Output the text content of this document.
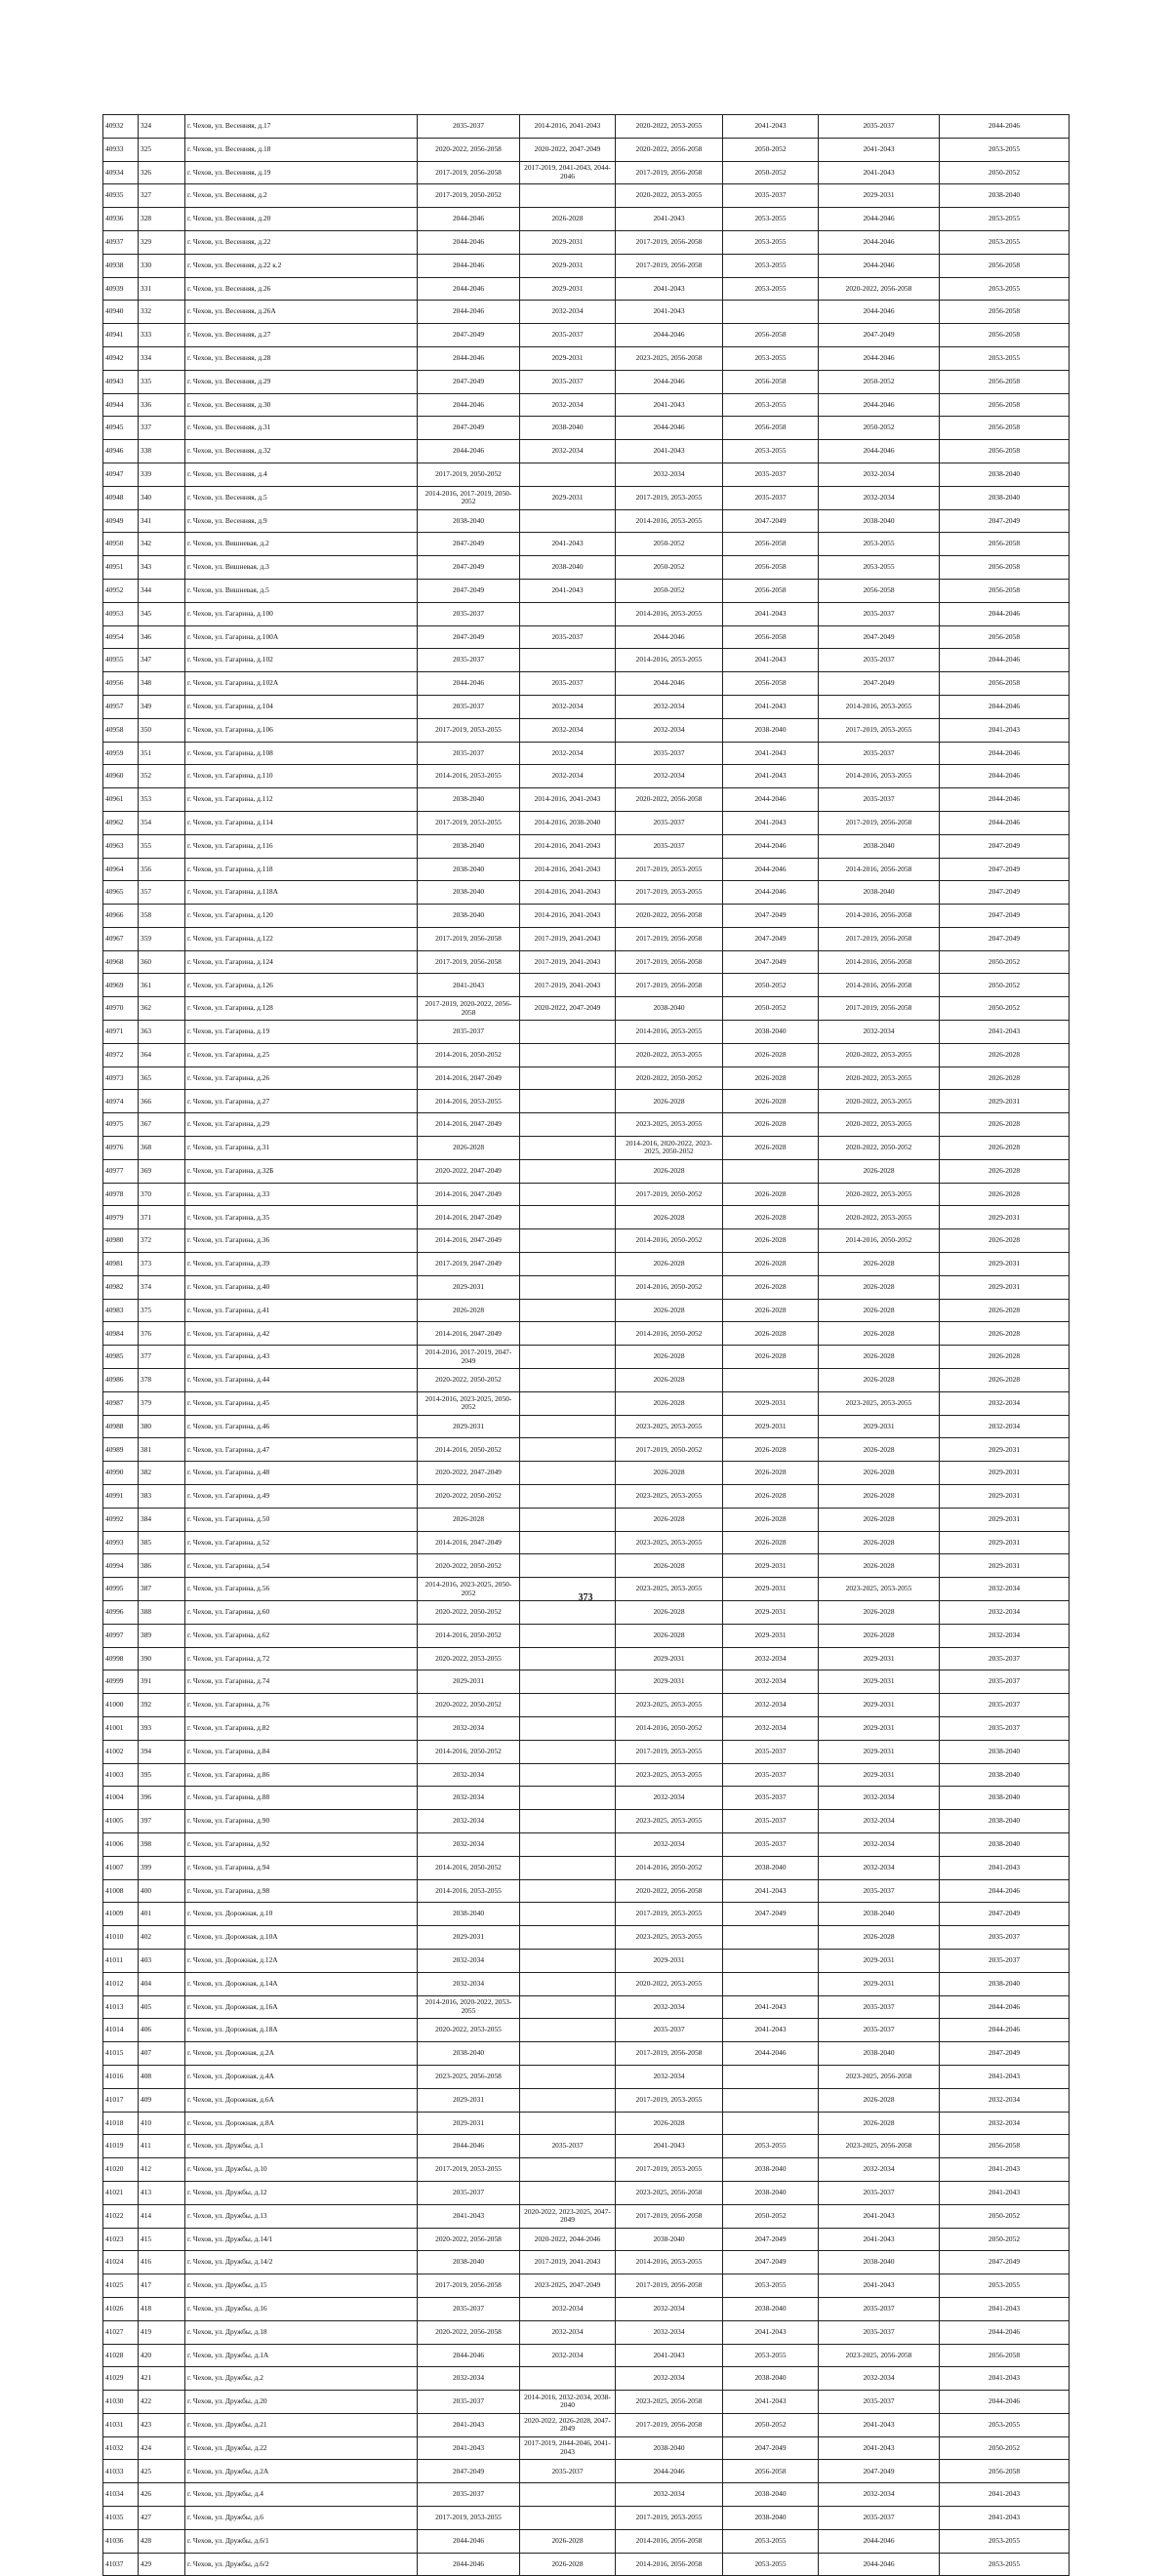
40932	324	г. Чехов, ул. Весенняя, д.17	2035-2037	2014-2016, 2041-2043	2020-2022, 2053-2055	2041-2043	2035-2037	2044-2046
40933	325	г. Чехов, ул. Весенняя, д.18	2020-2022, 2056-2058	2020-2022, 2047-2049	2020-2022, 2056-2058	2050-2052	2041-2043	2053-2055
40934	326	г. Чехов, ул. Весенняя, д.19	2017-2019, 2056-2058	2017-2019, 2041-2043, 2044-2046	2017-2019, 2056-2058	2050-2052	2041-2043	2050-2052
40935	327	г. Чехов, ул. Весенняя, д.2	2017-2019, 2050-2052		2020-2022, 2053-2055	2035-2037	2029-2031	2038-2040
40936	328	г. Чехов, ул. Весенняя, д.20	2044-2046	2026-2028	2041-2043	2053-2055	2044-2046	2053-2055
40937	329	г. Чехов, ул. Весенняя, д.22	2044-2046	2029-2031	2017-2019, 2056-2058	2053-2055	2044-2046	2053-2055
40938	330	г. Чехов, ул. Весенняя, д.22 к.2	2044-2046	2029-2031	2017-2019, 2056-2058	2053-2055	2044-2046	2056-2058
40939	331	г. Чехов, ул. Весенняя, д.26	2044-2046	2029-2031	2041-2043	2053-2055	2020-2022, 2056-2058	2053-2055
40940	332	г. Чехов, ул. Весенняя, д.26А	2044-2046	2032-2034	2041-2043		2044-2046	2056-2058
40941	333	г. Чехов, ул. Весенняя, д.27	2047-2049	2035-2037	2044-2046	2056-2058	2047-2049	2056-2058
40942	334	г. Чехов, ул. Весенняя, д.28	2044-2046	2029-2031	2023-2025, 2056-2058	2053-2055	2044-2046	2053-2055
40943	335	г. Чехов, ул. Весенняя, д.29	2047-2049	2035-2037	2044-2046	2056-2058	2050-2052	2056-2058
40944	336	г. Чехов, ул. Весенняя, д.30	2044-2046	2032-2034	2041-2043	2053-2055	2044-2046	2056-2058
40945	337	г. Чехов, ул. Весенняя, д.31	2047-2049	2038-2040	2044-2046	2056-2058	2050-2052	2056-2058
40946	338	г. Чехов, ул. Весенняя, д.32	2044-2046	2032-2034	2041-2043	2053-2055	2044-2046	2056-2058
40947	339	г. Чехов, ул. Весенняя, д.4	2017-2019, 2050-2052		2032-2034	2035-2037	2032-2034	2038-2040
40948	340	г. Чехов, ул. Весенняя, д.5	2014-2016, 2017-2019, 2050-2052	2029-2031	2017-2019, 2053-2055	2035-2037	2032-2034	2038-2040
40949	341	г. Чехов, ул. Весенняя, д.9	2038-2040		2014-2016, 2053-2055	2047-2049	2038-2040	2047-2049
40950	342	г. Чехов, ул. Вишневая, д.2	2047-2049	2041-2043	2050-2052	2056-2058	2053-2055	2056-2058
40951	343	г. Чехов, ул. Вишневая, д.3	2047-2049	2038-2040	2050-2052	2056-2058	2053-2055	2056-2058
40952	344	г. Чехов, ул. Вишневая, д.5	2047-2049	2041-2043	2050-2052	2056-2058	2056-2058	2056-2058
40953	345	г. Чехов, ул. Гагарина, д.100	2035-2037		2014-2016, 2053-2055	2041-2043	2035-2037	2044-2046
40954	346	г. Чехов, ул. Гагарина, д.100А	2047-2049	2035-2037	2044-2046	2056-2058	2047-2049	2056-2058
40955	347	г. Чехов, ул. Гагарина, д.102	2035-2037		2014-2016, 2053-2055	2041-2043	2035-2037	2044-2046
40956	348	г. Чехов, ул. Гагарина, д.102А	2044-2046	2035-2037	2044-2046	2056-2058	2047-2049	2056-2058
40957	349	г. Чехов, ул. Гагарина, д.104	2035-2037	2032-2034	2032-2034	2041-2043	2014-2016, 2053-2055	2044-2046
40958	350	г. Чехов, ул. Гагарина, д.106	2017-2019, 2053-2055	2032-2034	2032-2034	2038-2040	2017-2019, 2053-2055	2041-2043
40959	351	г. Чехов, ул. Гагарина, д.108	2035-2037	2032-2034	2035-2037	2041-2043	2035-2037	2044-2046
40960	352	г. Чехов, ул. Гагарина, д.110	2014-2016, 2053-2055	2032-2034	2032-2034	2041-2043	2014-2016, 2053-2055	2044-2046
40961	353	г. Чехов, ул. Гагарина, д.112	2038-2040	2014-2016, 2041-2043	2020-2022, 2056-2058	2044-2046	2035-2037	2044-2046
40962	354	г. Чехов, ул. Гагарина, д.114	2017-2019, 2053-2055	2014-2016, 2038-2040	2035-2037	2041-2043	2017-2019, 2056-2058	2044-2046
40963	355	г. Чехов, ул. Гагарина, д.116	2038-2040	2014-2016, 2041-2043	2035-2037	2044-2046	2038-2040	2047-2049
40964	356	г. Чехов, ул. Гагарина, д.118	2038-2040	2014-2016, 2041-2043	2017-2019, 2053-2055	2044-2046	2014-2016, 2056-2058	2047-2049
40965	357	г. Чехов, ул. Гагарина, д.118А	2038-2040	2014-2016, 2041-2043	2017-2019, 2053-2055	2044-2046	2038-2040	2047-2049
40966	358	г. Чехов, ул. Гагарина, д.120	2038-2040	2014-2016, 2041-2043	2020-2022, 2056-2058	2047-2049	2014-2016, 2056-2058	2047-2049
40967	359	г. Чехов, ул. Гагарина, д.122	2017-2019, 2056-2058	2017-2019, 2041-2043	2017-2019, 2056-2058	2047-2049	2017-2019, 2056-2058	2047-2049
40968	360	г. Чехов, ул. Гагарина, д.124	2017-2019, 2056-2058	2017-2019, 2041-2043	2017-2019, 2056-2058	2047-2049	2014-2016, 2056-2058	2050-2052
40969	361	г. Чехов, ул. Гагарина, д.126	2041-2043	2017-2019, 2041-2043	2017-2019, 2056-2058	2050-2052	2014-2016, 2056-2058	2050-2052
40970	362	г. Чехов, ул. Гагарина, д.128	2017-2019, 2020-2022, 2056-2058	2020-2022, 2047-2049	2038-2040	2050-2052	2017-2019, 2056-2058	2050-2052
40971	363	г. Чехов, ул. Гагарина, д.19	2035-2037		2014-2016, 2053-2055	2038-2040	2032-2034	2041-2043
40972	364	г. Чехов, ул. Гагарина, д.25	2014-2016, 2050-2052		2020-2022, 2053-2055	2026-2028	2020-2022, 2053-2055	2026-2028
40973	365	г. Чехов, ул. Гагарина, д.26	2014-2016, 2047-2049		2020-2022, 2050-2052	2026-2028	2020-2022, 2053-2055	2026-2028
40974	366	г. Чехов, ул. Гагарина, д.27	2014-2016, 2053-2055		2026-2028	2026-2028	2020-2022, 2053-2055	2029-2031
40975	367	г. Чехов, ул. Гагарина, д.29	2014-2016, 2047-2049		2023-2025, 2053-2055	2026-2028	2020-2022, 2053-2055	2026-2028
40976	368	г. Чехов, ул. Гагарина, д.31	2026-2028		2014-2016, 2020-2022, 2023-2025, 2050-2052	2026-2028	2020-2022, 2050-2052	2026-2028
40977	369	г. Чехов, ул. Гагарина, д.32Б	2020-2022, 2047-2049		2026-2028		2026-2028	2026-2028
40978	370	г. Чехов, ул. Гагарина, д.33	2014-2016, 2047-2049		2017-2019, 2050-2052	2026-2028	2020-2022, 2053-2055	2026-2028
40979	371	г. Чехов, ул. Гагарина, д.35	2014-2016, 2047-2049		2026-2028	2026-2028	2020-2022, 2053-2055	2029-2031
40980	372	г. Чехов, ул. Гагарина, д.36	2014-2016, 2047-2049		2014-2016, 2050-2052	2026-2028	2014-2016, 2050-2052	2026-2028
40981	373	г. Чехов, ул. Гагарина, д.39	2017-2019, 2047-2049		2026-2028	2026-2028	2026-2028	2029-2031
40982	374	г. Чехов, ул. Гагарина, д.40	2029-2031		2014-2016, 2050-2052	2026-2028	2026-2028	2029-2031
40983	375	г. Чехов, ул. Гагарина, д.41	2026-2028		2026-2028	2026-2028	2026-2028	2026-2028
40984	376	г. Чехов, ул. Гагарина, д.42	2014-2016, 2047-2049		2014-2016, 2050-2052	2026-2028	2026-2028	2026-2028
40985	377	г. Чехов, ул. Гагарина, д.43	2014-2016, 2017-2019, 2047-2049		2026-2028	2026-2028	2026-2028	2026-2028
40986	378	г. Чехов, ул. Гагарина, д.44	2020-2022, 2050-2052		2026-2028		2026-2028	2026-2028
40987	379	г. Чехов, ул. Гагарина, д.45	2014-2016, 2023-2025, 2050-2052		2026-2028	2029-2031	2023-2025, 2053-2055	2032-2034
40988	380	г. Чехов, ул. Гагарина, д.46	2029-2031		2023-2025, 2053-2055	2029-2031	2029-2031	2032-2034
40989	381	г. Чехов, ул. Гагарина, д.47	2014-2016, 2050-2052		2017-2019, 2050-2052	2026-2028	2026-2028	2029-2031
40990	382	г. Чехов, ул. Гагарина, д.48	2020-2022, 2047-2049		2026-2028	2026-2028	2026-2028	2029-2031
40991	383	г. Чехов, ул. Гагарина, д.49	2020-2022, 2050-2052		2023-2025, 2053-2055	2026-2028	2026-2028	2029-2031
40992	384	г. Чехов, ул. Гагарина, д.50	2026-2028		2026-2028	2026-2028	2026-2028	2029-2031
40993	385	г. Чехов, ул. Гагарина, д.52	2014-2016, 2047-2049		2023-2025, 2053-2055	2026-2028	2026-2028	2029-2031
40994	386	г. Чехов, ул. Гагарина, д.54	2020-2022, 2050-2052		2026-2028	2029-2031	2026-2028	2029-2031
40995	387	г. Чехов, ул. Гагарина, д.56	2014-2016, 2023-2025, 2050-2052		2023-2025, 2053-2055	2029-2031	2023-2025, 2053-2055	2032-2034
40996	388	г. Чехов, ул. Гагарина, д.60	2020-2022, 2050-2052		2026-2028	2029-2031	2026-2028	2032-2034
40997	389	г. Чехов, ул. Гагарина, д.62	2014-2016, 2050-2052		2026-2028	2029-2031	2026-2028	2032-2034
40998	390	г. Чехов, ул. Гагарина, д.72	2020-2022, 2053-2055		2029-2031	2032-2034	2029-2031	2035-2037
40999	391	г. Чехов, ул. Гагарина, д.74	2029-2031		2029-2031	2032-2034	2029-2031	2035-2037
41000	392	г. Чехов, ул. Гагарина, д.76	2020-2022, 2050-2052		2023-2025, 2053-2055	2032-2034	2029-2031	2035-2037
41001	393	г. Чехов, ул. Гагарина, д.82	2032-2034		2014-2016, 2050-2052	2032-2034	2029-2031	2035-2037
41002	394	г. Чехов, ул. Гагарина, д.84	2014-2016, 2050-2052		2017-2019, 2053-2055	2035-2037	2029-2031	2038-2040
41003	395	г. Чехов, ул. Гагарина, д.86	2032-2034		2023-2025, 2053-2055	2035-2037	2029-2031	2038-2040
41004	396	г. Чехов, ул. Гагарина, д.88	2032-2034		2032-2034	2035-2037	2032-2034	2038-2040
41005	397	г. Чехов, ул. Гагарина, д.90	2032-2034		2023-2025, 2053-2055	2035-2037	2032-2034	2038-2040
41006	398	г. Чехов, ул. Гагарина, д.92	2032-2034		2032-2034	2035-2037	2032-2034	2038-2040
41007	399	г. Чехов, ул. Гагарина, д.94	2014-2016, 2050-2052		2014-2016, 2050-2052	2038-2040	2032-2034	2041-2043
41008	400	г. Чехов, ул. Гагарина, д.98	2014-2016, 2053-2055		2020-2022, 2056-2058	2041-2043	2035-2037	2044-2046
41009	401	г. Чехов, ул. Дорожная, д.10	2038-2040		2017-2019, 2053-2055	2047-2049	2038-2040	2047-2049
41010	402	г. Чехов, ул. Дорожная, д.10А	2029-2031		2023-2025, 2053-2055		2026-2028	2035-2037
41011	403	г. Чехов, ул. Дорожная, д.12А	2032-2034		2029-2031		2029-2031	2035-2037
41012	404	г. Чехов, ул. Дорожная, д.14А	2032-2034		2020-2022, 2053-2055		2029-2031	2038-2040
41013	405	г. Чехов, ул. Дорожная, д.16А	2014-2016, 2020-2022, 2053-2055		2032-2034	2041-2043	2035-2037	2044-2046
41014	406	г. Чехов, ул. Дорожная, д.18А	2020-2022, 2053-2055		2035-2037	2041-2043	2035-2037	2044-2046
41015	407	г. Чехов, ул. Дорожная, д.2А	2038-2040		2017-2019, 2056-2058	2044-2046	2038-2040	2047-2049
41016	408	г. Чехов, ул. Дорожная, д.4А	2023-2025, 2056-2058		2032-2034		2023-2025, 2056-2058	2041-2043
41017	409	г. Чехов, ул. Дорожная, д.6А	2029-2031		2017-2019, 2053-2055		2026-2028	2032-2034
41018	410	г. Чехов, ул. Дорожная, д.8А	2029-2031		2026-2028		2026-2028	2032-2034
41019	411	г. Чехов, ул. Дружбы, д.1	2044-2046	2035-2037	2041-2043	2053-2055	2023-2025, 2056-2058	2056-2058
41020	412	г. Чехов, ул. Дружбы, д.10	2017-2019, 2053-2055		2017-2019, 2053-2055	2038-2040	2032-2034	2041-2043
41021	413	г. Чехов, ул. Дружбы, д.12	2035-2037		2023-2025, 2056-2058	2038-2040	2035-2037	2041-2043
41022	414	г. Чехов, ул. Дружбы, д.13	2041-2043	2020-2022, 2023-2025, 2047-2049	2017-2019, 2056-2058	2050-2052	2041-2043	2050-2052
41023	415	г. Чехов, ул. Дружбы, д.14/1	2020-2022, 2056-2058	2020-2022, 2044-2046	2038-2040	2047-2049	2041-2043	2050-2052
41024	416	г. Чехов, ул. Дружбы, д.14/2	2038-2040	2017-2019, 2041-2043	2014-2016, 2053-2055	2047-2049	2038-2040	2047-2049
41025	417	г. Чехов, ул. Дружбы, д.15	2017-2019, 2056-2058	2023-2025, 2047-2049	2017-2019, 2056-2058	2053-2055	2041-2043	2053-2055
41026	418	г. Чехов, ул. Дружбы, д.16	2035-2037	2032-2034	2032-2034	2038-2040	2035-2037	2041-2043
41027	419	г. Чехов, ул. Дружбы, д.18	2020-2022, 2056-2058	2032-2034	2032-2034	2041-2043	2035-2037	2044-2046
41028	420	г. Чехов, ул. Дружбы, д.1А	2044-2046	2032-2034	2041-2043	2053-2055	2023-2025, 2056-2058	2056-2058
41029	421	г. Чехов, ул. Дружбы, д.2	2032-2034		2032-2034	2038-2040	2032-2034	2041-2043
41030	422	г. Чехов, ул. Дружбы, д.20	2035-2037	2014-2016, 2032-2034, 2038-2040	2023-2025, 2056-2058	2041-2043	2035-2037	2044-2046
41031	423	г. Чехов, ул. Дружбы, д.21	2041-2043	2020-2022, 2026-2028, 2047-2049	2017-2019, 2056-2058	2050-2052	2041-2043	2053-2055
41032	424	г. Чехов, ул. Дружбы, д.22	2041-2043	2017-2019, 2044-2046, 2041-2043	2038-2040	2047-2049	2041-2043	2050-2052
41033	425	г. Чехов, ул. Дружбы, д.2А	2047-2049	2035-2037	2044-2046	2056-2058	2047-2049	2056-2058
41034	426	г. Чехов, ул. Дружбы, д.4	2035-2037		2032-2034	2038-2040	2032-2034	2041-2043
41035	427	г. Чехов, ул. Дружбы, д.6	2017-2019, 2053-2055		2017-2019, 2053-2055	2038-2040	2035-2037	2041-2043
41036	428	г. Чехов, ул. Дружбы, д.6/1	2044-2046	2026-2028	2014-2016, 2056-2058	2053-2055	2044-2046	2053-2055
41037	429	г. Чехов, ул. Дружбы, д.6/2	2044-2046	2026-2028	2014-2016, 2056-2058	2053-2055	2044-2046	2053-2055
373
